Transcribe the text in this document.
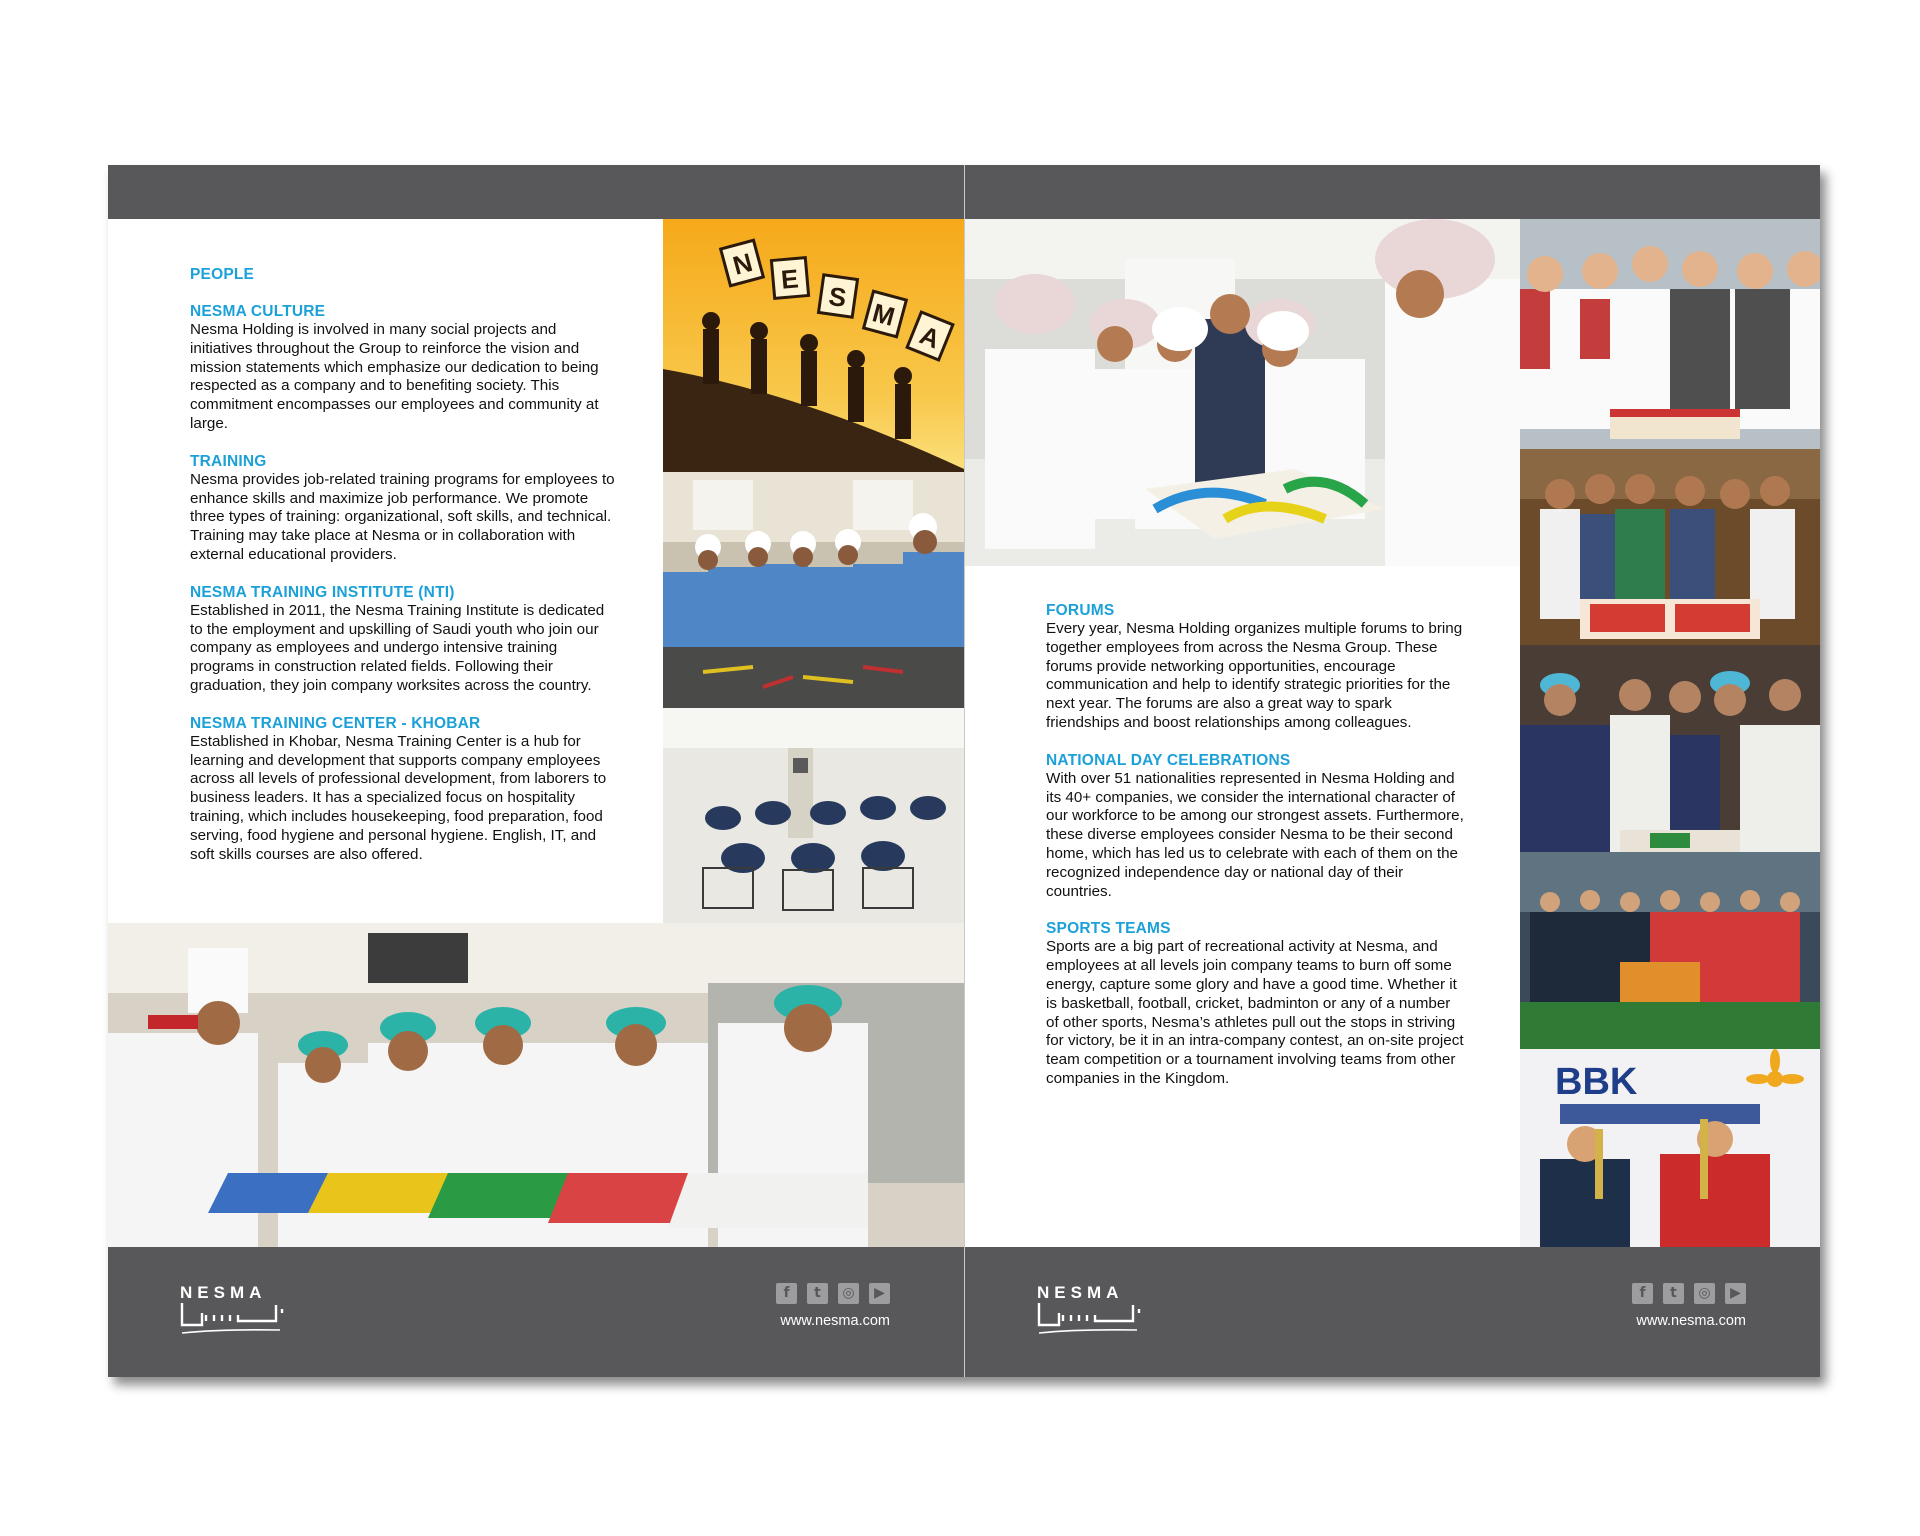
PEOPLE
NESMA CULTURE

Nesma Holding is involved in many social projects and initiatives throughout the Group to reinforce the vision and mission statements which emphasize our dedication to being respected as a company and to benefiting society. This commitment encompasses our employees and community at large.

TRAINING

Nesma provides job-related training programs for employees to enhance skills and maximize job performance. We promote three types of training: organizational, soft skills, and technical. Training may take place at Nesma or in collaboration with external educational providers.

NESMA TRAINING INSTITUTE (NTI)

Established in 2011, the Nesma Training Institute is dedicated to the employment and upskilling of Saudi youth who join our company as employees and undergo intensive training programs in construction related fields. Following their graduation, they join company worksites across the country.

NESMA TRAINING CENTER - KHOBAR

Established in Khobar, Nesma Training Center is a hub for learning and development that supports company employees across all levels of professional development, from laborers to business leaders. It has a specialized focus on hospitality training, which includes housekeeping, food preparation, food serving, food hygiene and personal hygiene. English, IT, and soft skills courses are also offered.

N E
S
M
A
NESMA	f	t	◎	▶
www.nesma.com
BBK
FORUMS

Every year, Nesma Holding organizes multiple forums to bring together employees from across the Nesma Group. These forums provide networking opportunities, encourage communication and help to identify strategic priorities for the next year. The forums are also a great way to spark friendships and boost relationships among colleagues.

NATIONAL DAY CELEBRATIONS

With over 51 nationalities represented in Nesma Holding and its 40+ companies, we consider the international character of our workforce to be among our strongest assets. Furthermore, these diverse employees consider Nesma to be their second home, which has led us to celebrate with each of them on the recognized independence day or national day of their countries.

SPORTS TEAMS

Sports are a big part of recreational activity at Nesma, and employees at all levels join company teams to burn off some energy, capture some glory and have a good time. Whether it is basketball, football, cricket, badminton or any of a number of other sports, Nesma’s athletes pull out the stops in striving for victory, be it in an intra-company contest, an on-site project team competition or a tournament involving teams from other companies in the Kingdom.

NESMA	f	t	◎	▶
www.nesma.com
